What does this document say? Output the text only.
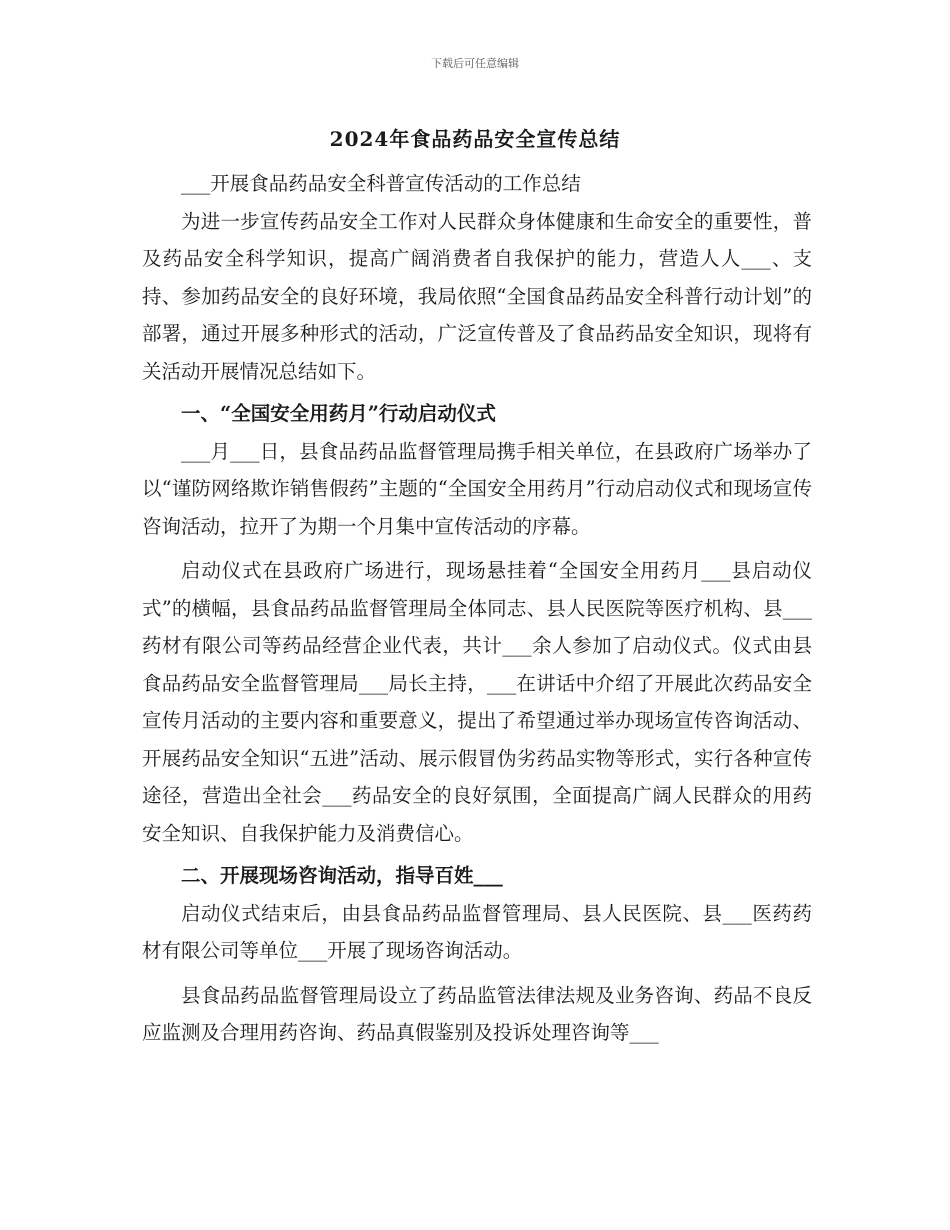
下载后可任意编辑
2024年食品药品安全宣传总结

___开展食品药品安全科普宣传活动的工作总结

为进一步宣传药品安全工作对人民群众身体健康和生命安全的重要性，普及药品安全科学知识，提高广阔消费者自我保护的能力，营造人人___、支持、参加药品安全的良好环境，我局依照“全国食品药品安全科普行动计划”的部署，通过开展多种形式的活动，广泛宣传普及了食品药品安全知识，现将有关活动开展情况总结如下。

一、“全国安全用药月”行动启动仪式

___月___日，县食品药品监督管理局携手相关单位，在县政府广场举办了以“谨防网络欺诈销售假药”主题的“全国安全用药月”行动启动仪式和现场宣传咨询活动，拉开了为期一个月集中宣传活动的序幕。

启动仪式在县政府广场进行，现场悬挂着“全国安全用药月___县启动仪式”的横幅，县食品药品监督管理局全体同志、县人民医院等医疗机构、县___药材有限公司等药品经营企业代表，共计___余人参加了启动仪式。仪式由县食品药品安全监督管理局___局长主持，___在讲话中介绍了开展此次药品安全宣传月活动的主要内容和重要意义，提出了希望通过举办现场宣传咨询活动、开展药品安全知识“五进”活动、展示假冒伪劣药品实物等形式，实行各种宣传途径，营造出全社会___药品安全的良好氛围，全面提高广阔人民群众的用药安全知识、自我保护能力及消费信心。

二、开展现场咨询活动，指导百姓___

启动仪式结束后，由县食品药品监督管理局、县人民医院、县___医药药材有限公司等单位___开展了现场咨询活动。

县食品药品监督管理局设立了药品监管法律法规及业务咨询、药品不良反应监测及合理用药咨询、药品真假鉴别及投诉处理咨询等___
